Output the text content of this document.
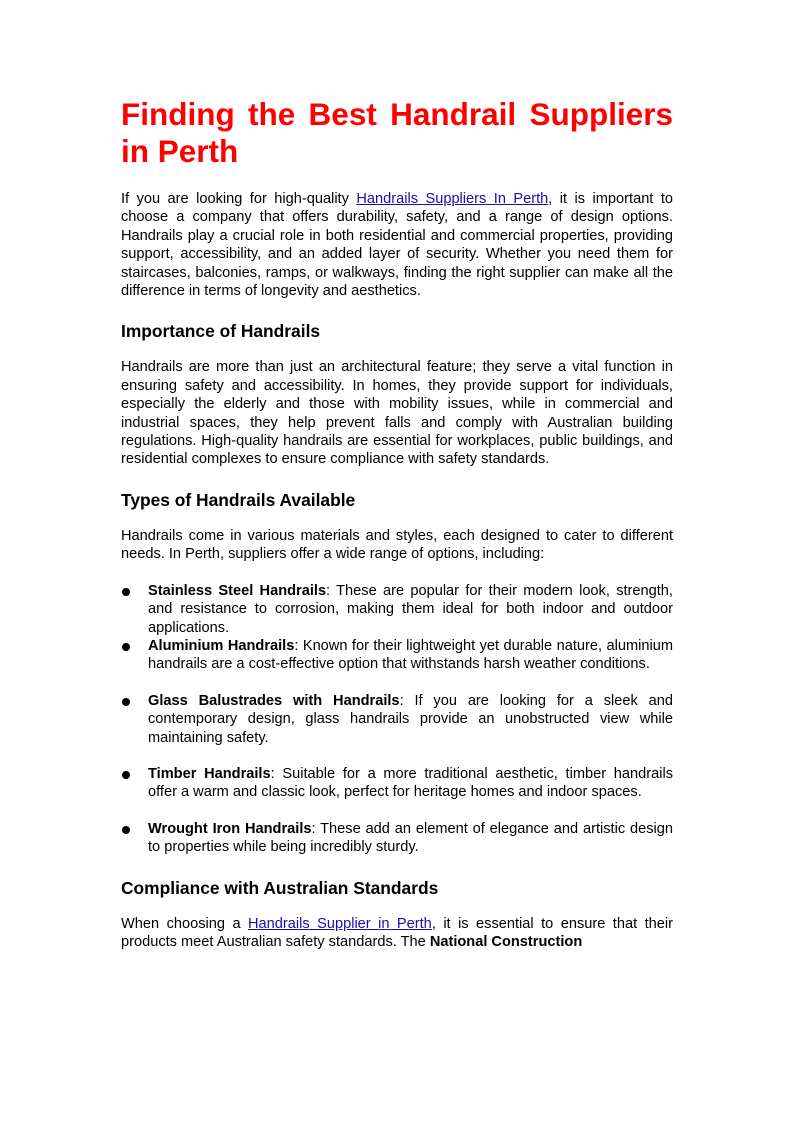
Finding the Best Handrail Suppliers
in Perth

If you are looking for high-quality Handrails Suppliers In Perth, it is important to choose a company that offers durability, safety, and a range of design options. Handrails play a crucial role in both residential and commercial properties, providing support, accessibility, and an added layer of security. Whether you need them for staircases, balconies, ramps, or walkways, finding the right supplier can make all the difference in terms of longevity and aesthetics.

Importance of Handrails

Handrails are more than just an architectural feature; they serve a vital function in ensuring safety and accessibility. In homes, they provide support for individuals, especially the elderly and those with mobility issues, while in commercial and industrial spaces, they help prevent falls and comply with Australian building regulations. High-quality handrails are essential for workplaces, public buildings, and residential complexes to ensure compliance with safety standards.

Types of Handrails Available

Handrails come in various materials and styles, each designed to cater to different needs. In Perth, suppliers offer a wide range of options, including:

Stainless Steel Handrails: These are popular for their modern look, strength, and resistance to corrosion, making them ideal for both indoor and outdoor applications.

Aluminium Handrails: Known for their lightweight yet durable nature, aluminium handrails are a cost-effective option that withstands harsh weather conditions.

Glass Balustrades with Handrails: If you are looking for a sleek and contemporary design, glass handrails provide an unobstructed view while maintaining safety.

Timber Handrails: Suitable for a more traditional aesthetic, timber handrails offer a warm and classic look, perfect for heritage homes and indoor spaces.

Wrought Iron Handrails: These add an element of elegance and artistic design to properties while being incredibly sturdy.

Compliance with Australian Standards

When choosing a Handrails Supplier in Perth, it is essential to ensure that their products meet Australian safety standards. The National Construction
